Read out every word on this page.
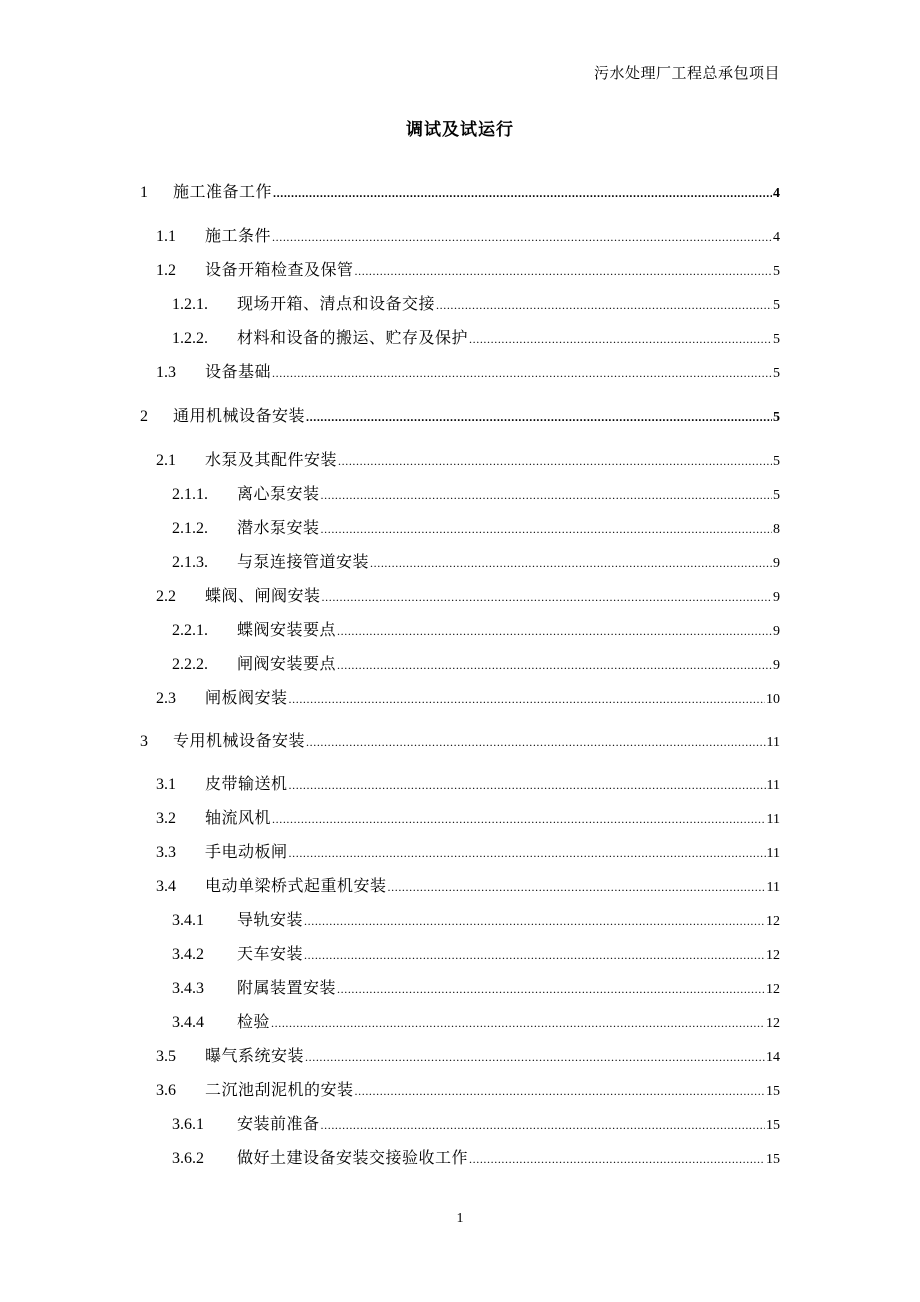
污水处理厂工程总承包项目
调试及试运行
1	施工准备工作 .....	4
1.1	施工条件 .....	4
1.2	设备开箱检查及保管 .....	5
1.2.1.	现场开箱、清点和设备交接 .....	5
1.2.2.	材料和设备的搬运、贮存及保护 .....	5
1.3	设备基础 .....	5
2	通用机械设备安装 .....	5
2.1	水泵及其配件安装 .....	5
2.1.1.	离心泵安装 .....	5
2.1.2.	潜水泵安装 .....	8
2.1.3.	与泵连接管道安装 .....	9
2.2	蝶阀、闸阀安装 .....	9
2.2.1.	蝶阀安装要点 .....	9
2.2.2.	闸阀安装要点 .....	9
2.3	闸板阀安装 .....	10
3	专用机械设备安装 .....	11
3.1	皮带输送机 .....	11
3.2	轴流风机 .....	11
3.3	手电动板闸 .....	11
3.4	电动单梁桥式起重机安装 .....	11
3.4.1	导轨安装 .....	12
3.4.2	天车安装 .....	12
3.4.3	附属装置安装 .....	12
3.4.4	检验 .....	12
3.5	曝气系统安装 .....	14
3.6	二沉池刮泥机的安装 .....	15
3.6.1	安装前准备 .....	15
3.6.2	做好土建设备安装交接验收工作 .....	15
1
